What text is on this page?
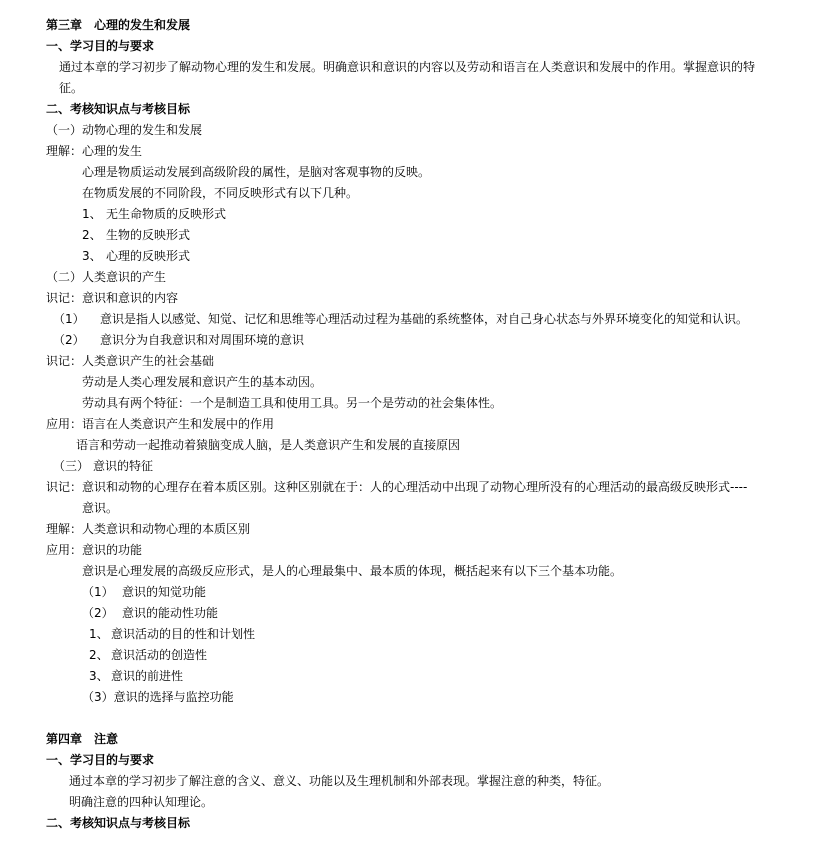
第三章　心理的发生和发展
一、学习目的与要求
通过本章的学习初步了解动物心理的发生和发展。明确意识和意识的内容以及劳动和语言在人类意识和发展中的作用。掌握意识的特
征。
二、考核知识点与考核目标
（一）动物心理的发生和发展
理解：心理的发生
心理是物质运动发展到高级阶段的属性，是脑对客观事物的反映。
在物质发展的不同阶段，不同反映形式有以下几种。
1、 无生命物质的反映形式
2、 生物的反映形式
3、 心理的反映形式
（二）人类意识的产生
识记：意识和意识的内容
（1） 意识是指人以感觉、知觉、记忆和思维等心理活动过程为基础的系统整体，对自己身心状态与外界环境变化的知觉和认识。
（2） 意识分为自我意识和对周围环境的意识
识记：人类意识产生的社会基础
劳动是人类心理发展和意识产生的基本动因。
劳动具有两个特征：一个是制造工具和使用工具。另一个是劳动的社会集体性。
应用：语言在人类意识产生和发展中的作用
语言和劳动一起推动着猿脑变成人脑，是人类意识产生和发展的直接原因
（三） 意识的特征
识记：意识和动物的心理存在着本质区别。这种区别就在于：人的心理活动中出现了动物心理所没有的心理活动的最高级反映形式----
意识。
理解：人类意识和动物心理的本质区别
应用：意识的功能
意识是心理发展的高级反应形式，是人的心理最集中、最本质的体现，概括起来有以下三个基本功能。
（1） 意识的知觉功能
（2） 意识的能动性功能
1、 意识活动的目的性和计划性
2、 意识活动的创造性
3、 意识的前进性
（3）意识的选择与监控功能
第四章　注意
一、学习目的与要求
通过本章的学习初步了解注意的含义、意义、功能以及生理机制和外部表现。掌握注意的种类，特征。
明确注意的四种认知理论。
二、考核知识点与考核目标
